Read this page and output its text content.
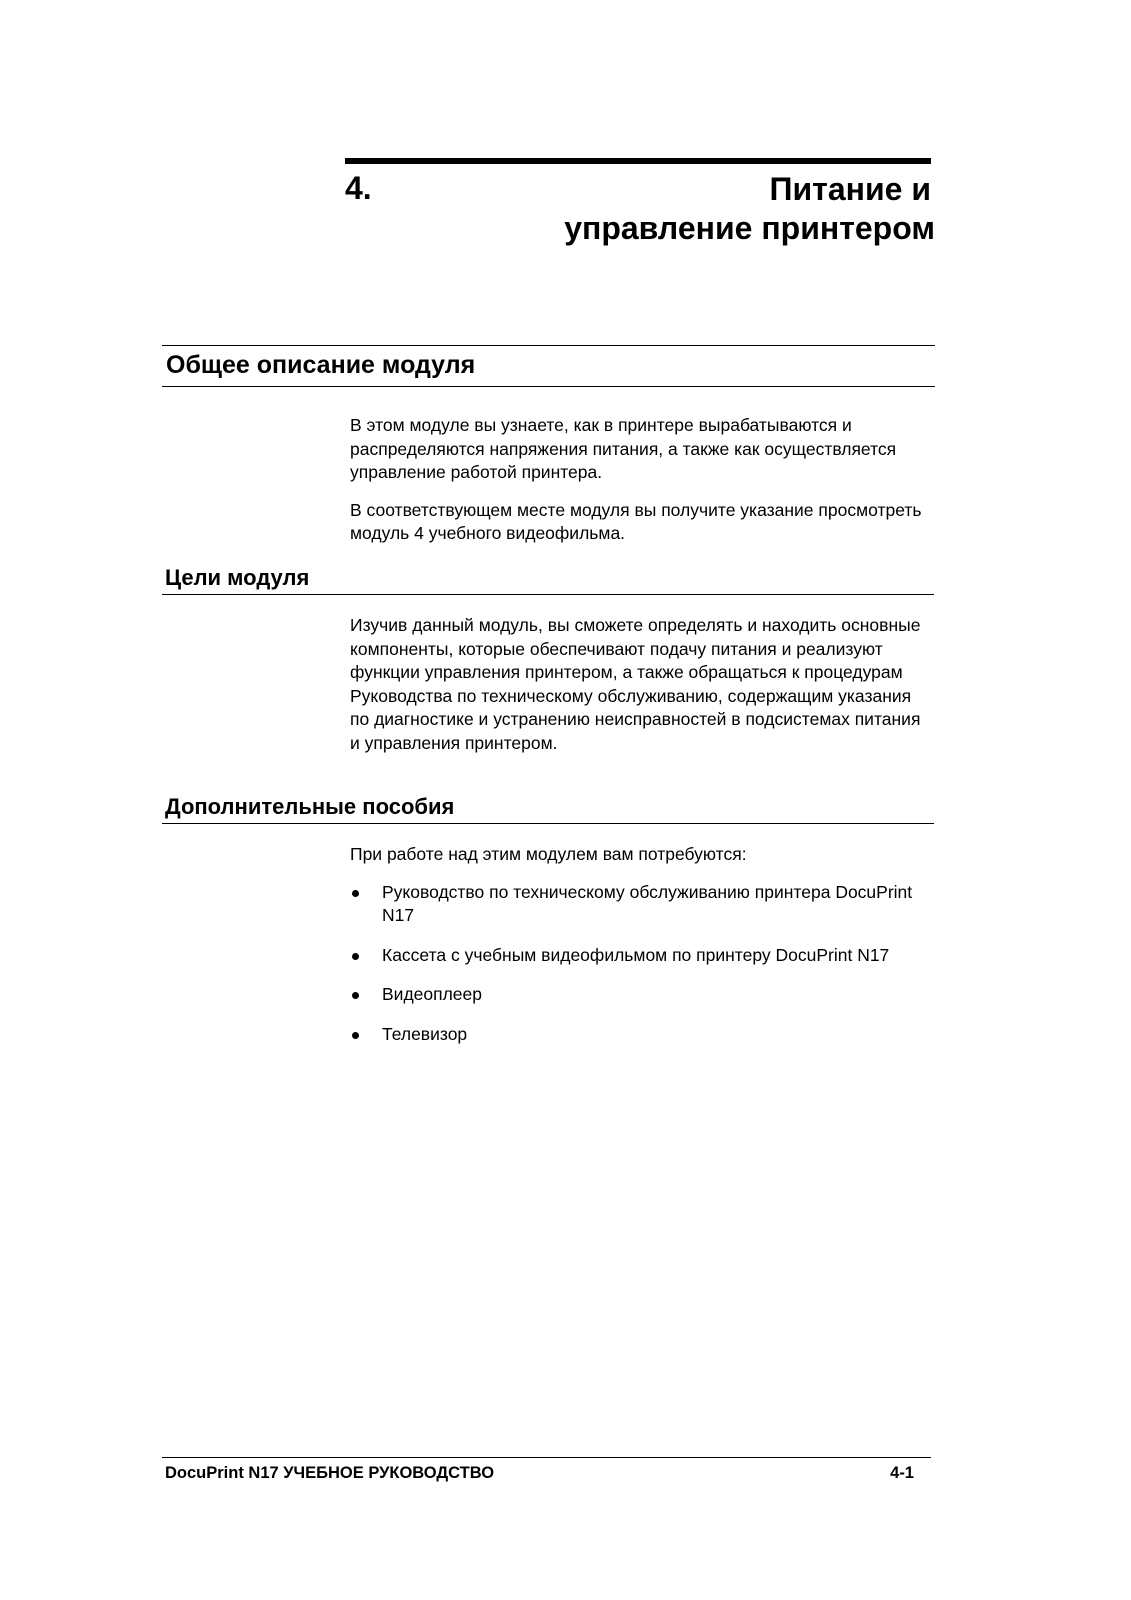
4.	Питание и
управление принтером
Общее описание модуля

В этом модуле вы узнаете, как в принтере вырабатываются и распределяются напряжения питания, а также как осуществляется управление работой принтера.

В соответствующем месте модуля вы получите указание просмотреть модуль 4 учебного видеофильма.

Цели модуля

Изучив данный модуль, вы сможете определять и находить основные компоненты, которые обеспечивают подачу питания и реализуют функции управления принтером, а также обращаться к процедурам Руководства по техническому обслуживанию, содержащим указания по диагностике и устранению неисправностей в подсистемах питания и управления принтером.

Дополнительные пособия

При работе над этим модулем вам потребуются:

Руководство по техническому обслуживанию принтера DocuPrint N17
Кассета с учебным видеофильмом по принтеру DocuPrint N17
Видеоплеер
Телевизор
DocuPrint N17 УЧЕБНОЕ РУКОВОДСТВО	4-1
